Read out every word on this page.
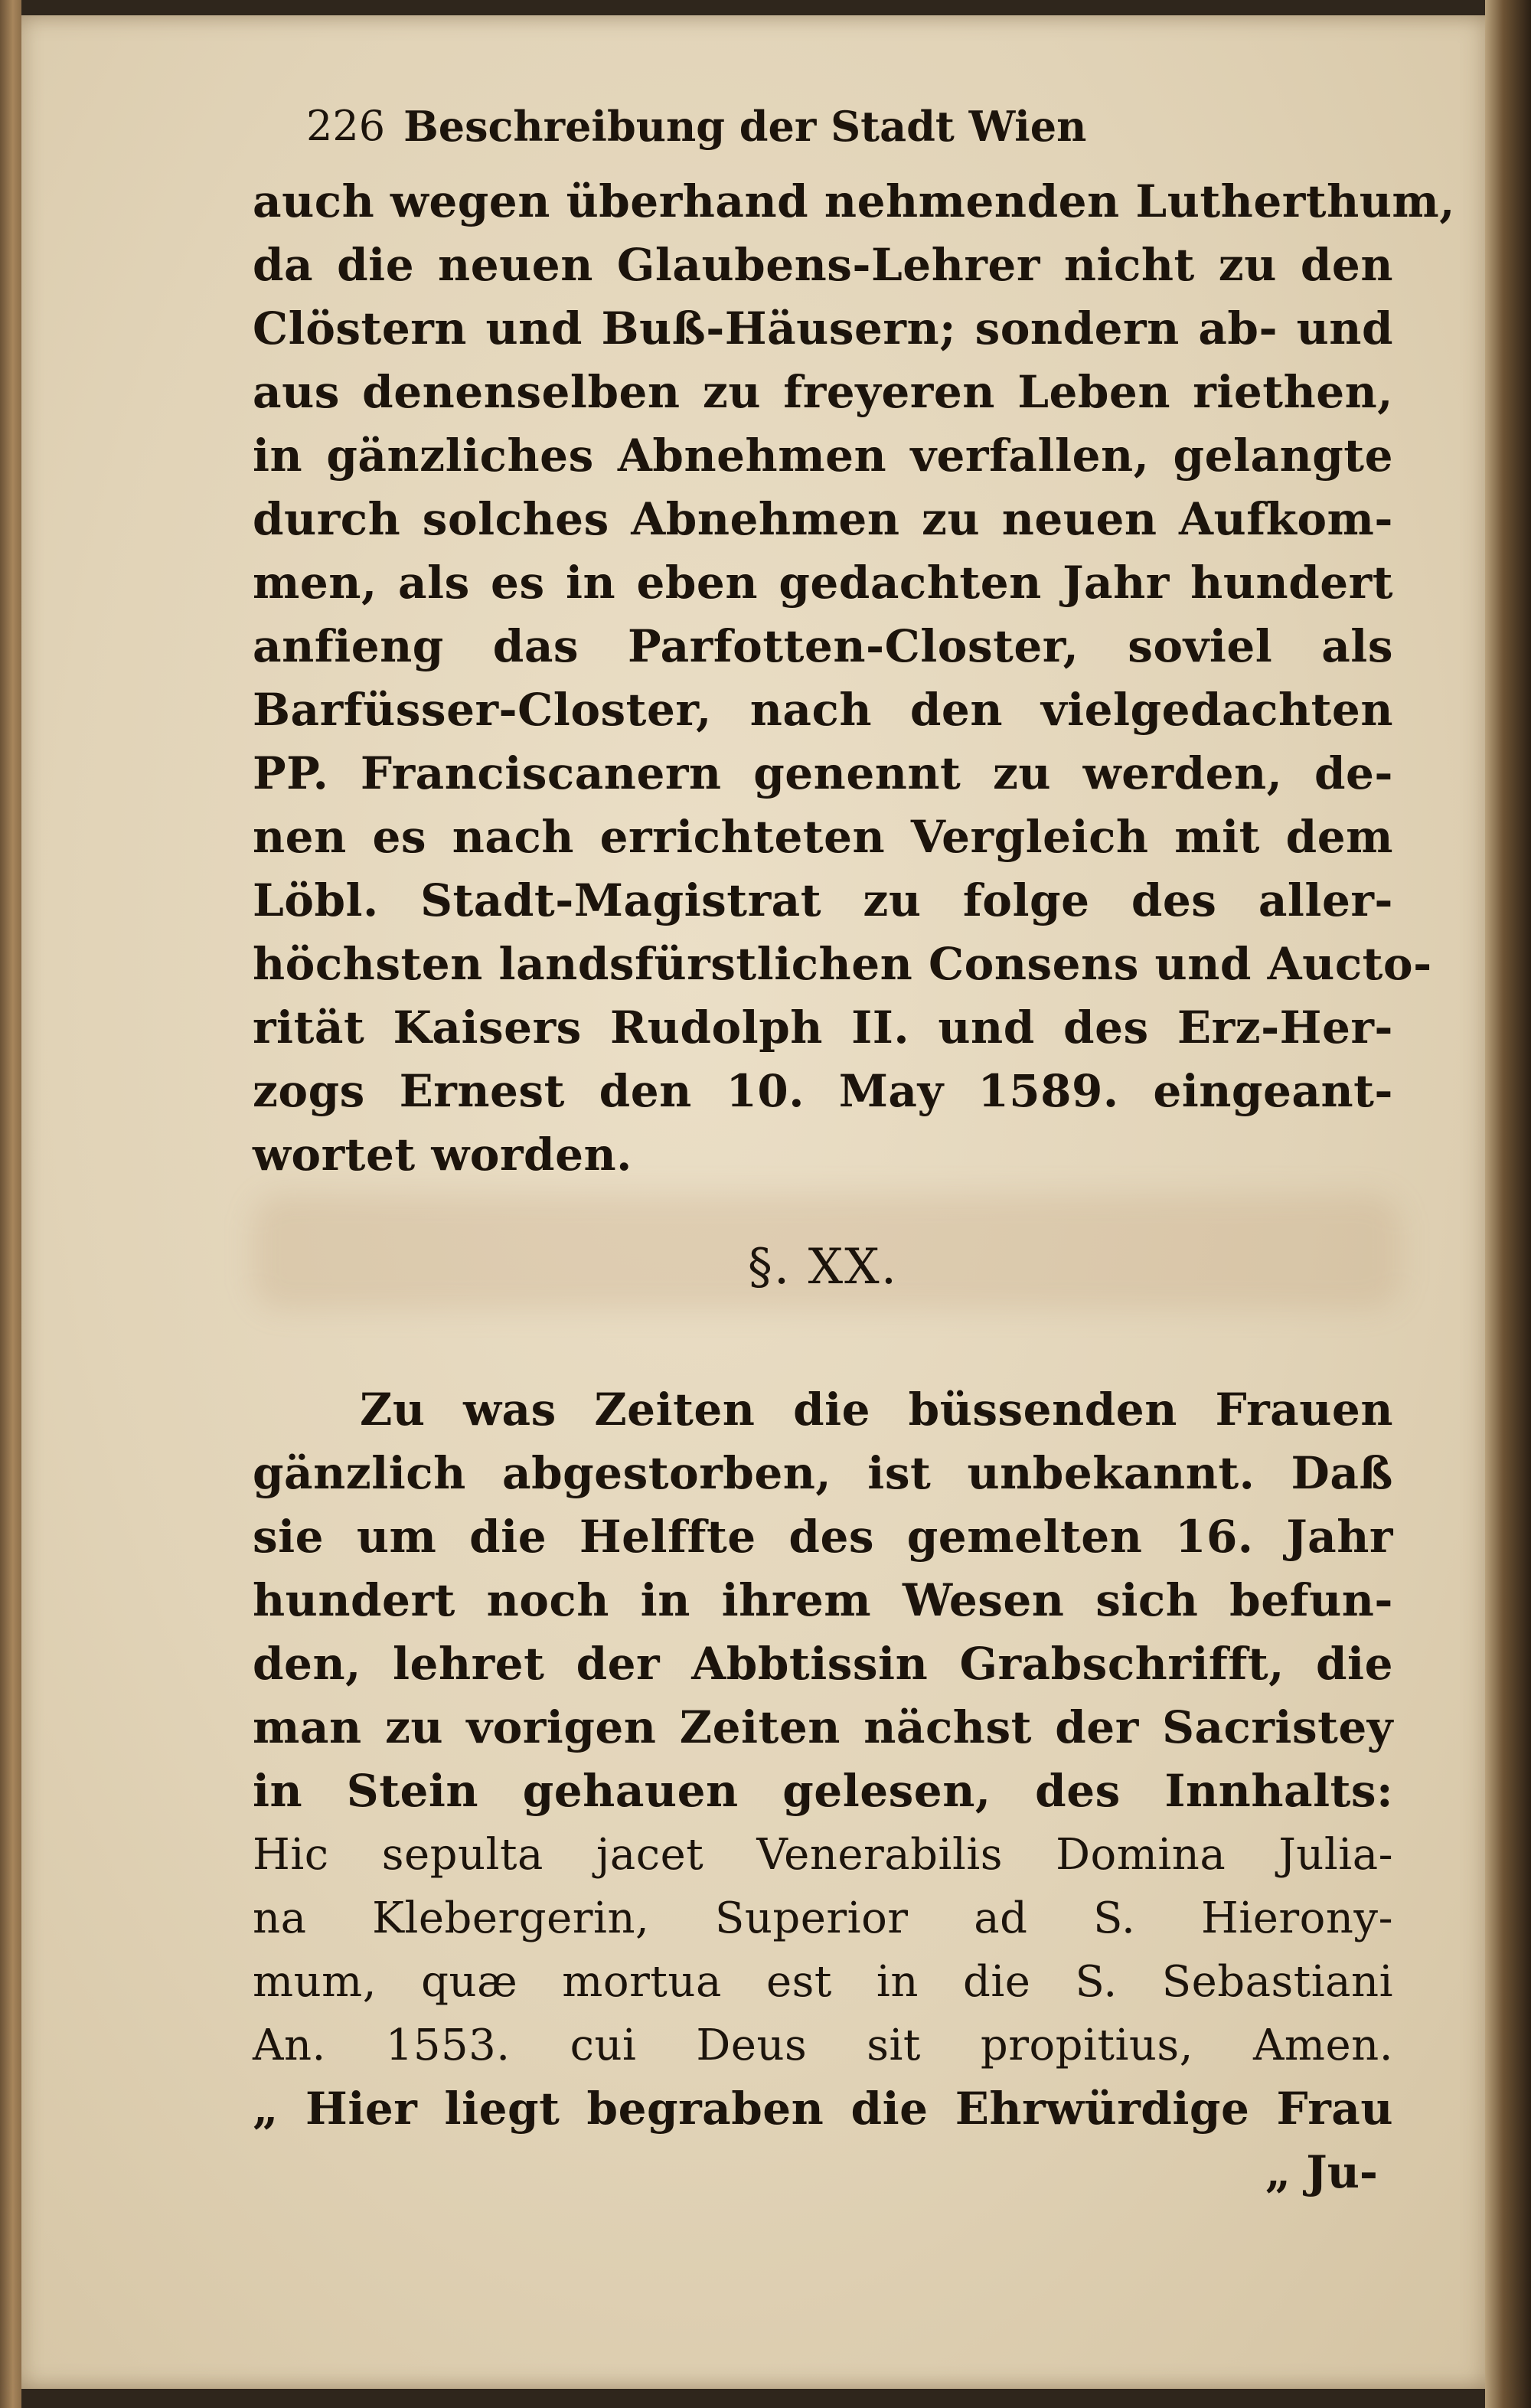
226 Beschreibung der Stadt Wien
auch wegen überhand nehmenden Lutherthum,
da die neuen Glaubens-Lehrer nicht zu den
Clöstern und Buß-Häusern; sondern ab- und
aus denenselben zu freyeren Leben riethen,
in gänzliches Abnehmen verfallen, gelangte
durch solches Abnehmen zu neuen Aufkom-
men, als es in eben gedachten Jahr hundert
anfieng das Parfotten-Closter, soviel als
Barfüsser-Closter, nach den vielgedachten
PP. Franciscanern genennt zu werden, de-
nen es nach errichteten Vergleich mit dem
Löbl. Stadt-Magistrat zu folge des aller-
höchsten landsfürstlichen Consens und Aucto-
rität Kaisers Rudolph II. und des Erz-Her-
zogs Ernest den 10. May 1589. eingeant-
wortet worden.
§. XX.
Zu was Zeiten die büssenden Frauen
gänzlich abgestorben, ist unbekannt. Daß
sie um die Helffte des gemelten 16. Jahr
hundert noch in ihrem Wesen sich befun-
den, lehret der Abbtissin Grabschrifft, die
man zu vorigen Zeiten nächst der Sacristey
in Stein gehauen gelesen, des Innhalts:
Hic sepulta jacet Venerabilis Domina Julia-
na Klebergerin, Superior ad S. Hierony-
mum, quæ mortua est in die S. Sebastiani
An. 1553. cui Deus sit propitius, Amen.
„ Hier liegt begraben die Ehrwürdige Frau
„ Ju-
